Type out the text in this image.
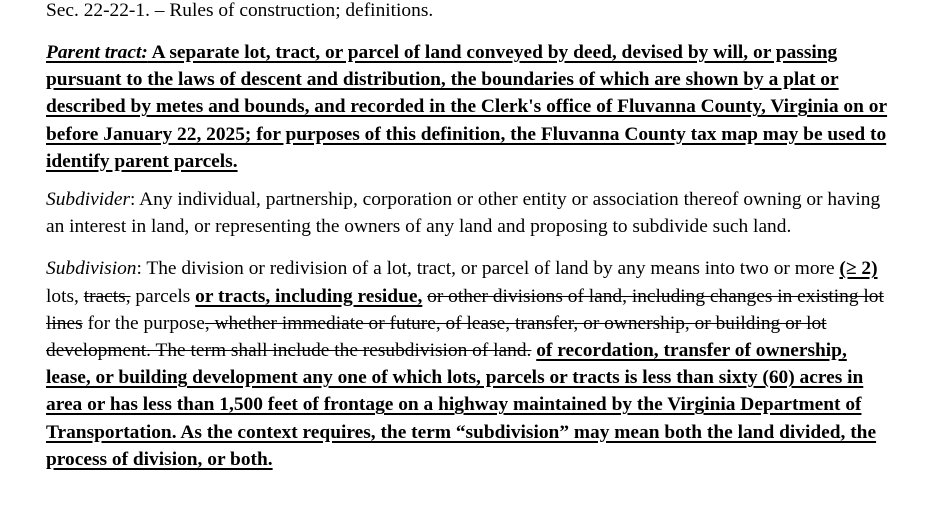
Sec. 22-22-1. – Rules of construction; definitions.

Parent tract: A separate lot, tract, or parcel of land conveyed by deed, devised by will, or passing pursuant to the laws of descent and distribution, the boundaries of which are shown by a plat or described by metes and bounds, and recorded in the Clerk's office of Fluvanna County, Virginia on or before January 22, 2025; for purposes of this definition, the Fluvanna County tax map may be used to identify parent parcels.

Subdivider: Any individual, partnership, corporation or other entity or association thereof owning or having an interest in land, or representing the owners of any land and proposing to subdivide such land.

Subdivision: The division or redivision of a lot, tract, or parcel of land by any means into two or more (≥ 2) lots, tracts, parcels or tracts, including residue, or other divisions of land, including changes in existing lot lines for the purpose, whether immediate or future, of lease, transfer, or ownership, or building or lot development. The term shall include the resubdivision of land. of recordation, transfer of ownership, lease, or building development any one of which lots, parcels or tracts is less than sixty (60) acres in area or has less than 1,500 feet of frontage on a highway maintained by the Virginia Department of Transportation. As the context requires, the term “subdivision” may mean both the land divided, the process of division, or both.
